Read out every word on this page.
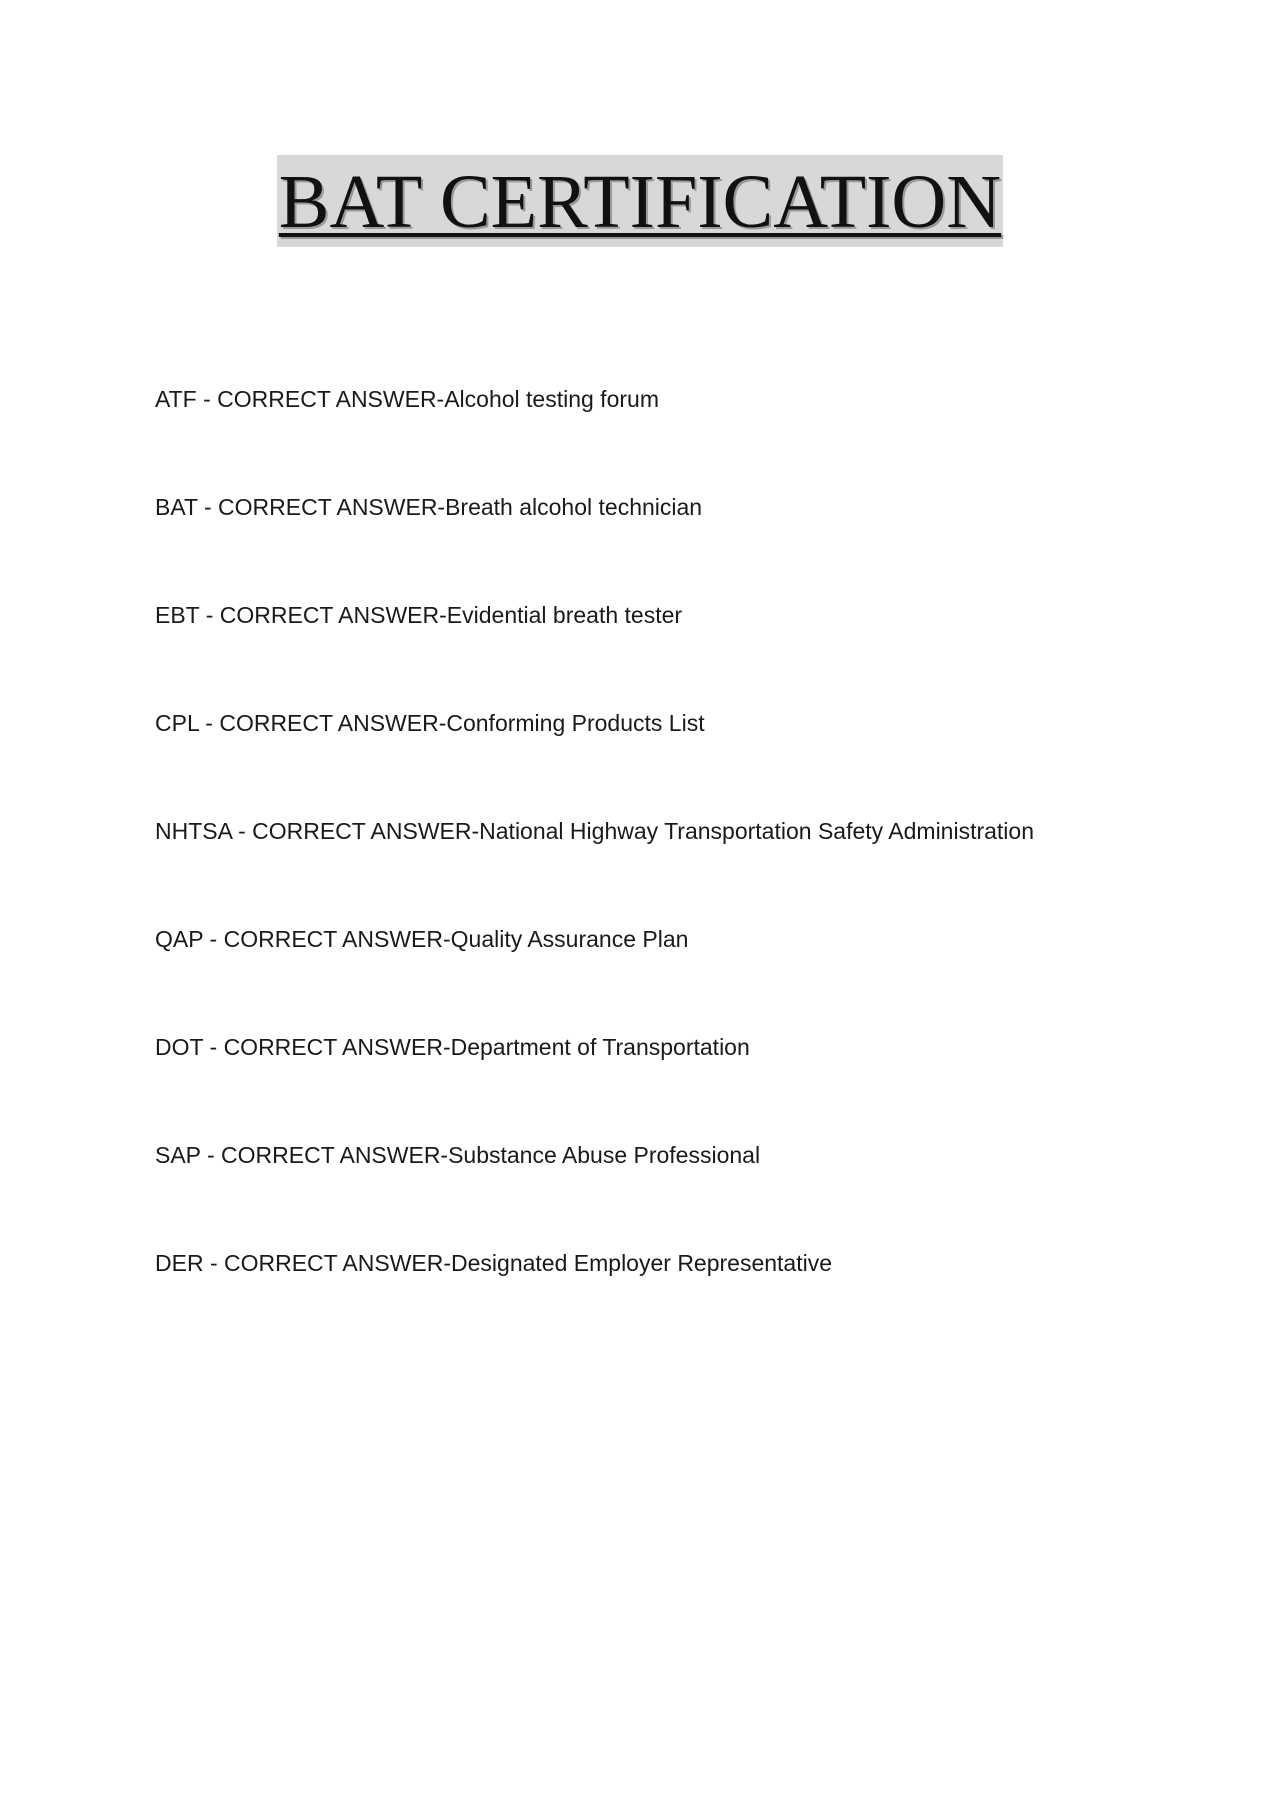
BAT CERTIFICATION
ATF - CORRECT ANSWER-Alcohol testing forum
BAT - CORRECT ANSWER-Breath alcohol technician
EBT - CORRECT ANSWER-Evidential breath tester
CPL - CORRECT ANSWER-Conforming Products List
NHTSA - CORRECT ANSWER-National Highway Transportation Safety Administration
QAP - CORRECT ANSWER-Quality Assurance Plan
DOT - CORRECT ANSWER-Department of Transportation
SAP - CORRECT ANSWER-Substance Abuse Professional
DER - CORRECT ANSWER-Designated Employer Representative
